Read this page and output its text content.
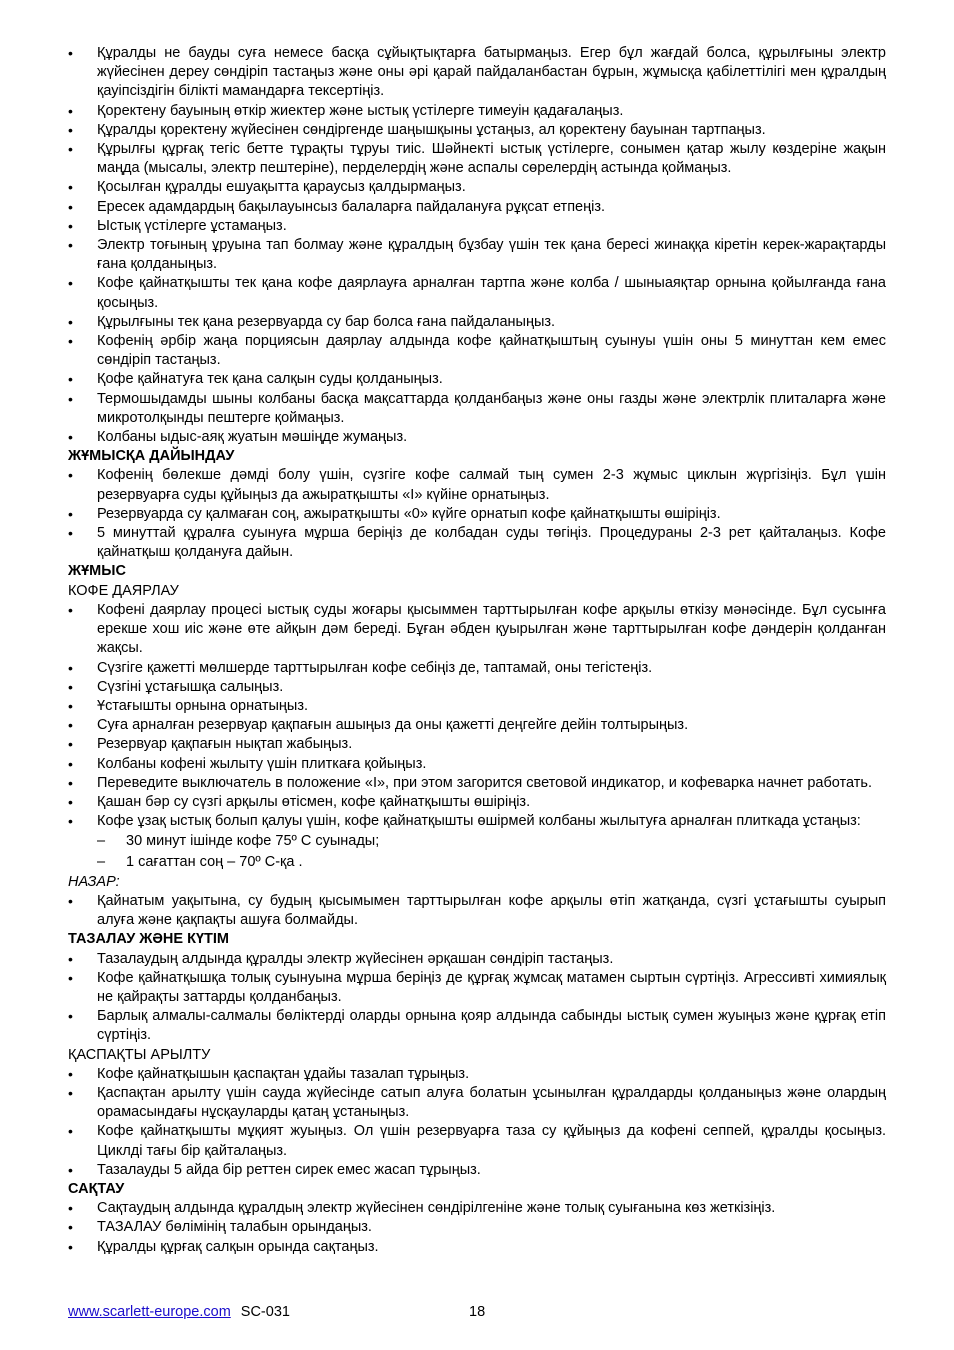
• Құралды не бауды суға немесе басқа сұйықтықтарға батырмаңыз. Егер бұл жағдай болса, құрылғыны электр жүйесінен дереу сөндіріп тастаңыз және оны әрі қарай пайдаланбастан бұрын, жұмысқа қабілеттілігі мен құралдың қауіпсіздігін білікті мамандарға тексертіңіз.
• Қоректену бауының өткір жиектер және ыстық үстілерге тимеуін қадағалаңыз.
• Құралды қоректену жүйесінен сөндіргенде шаңышқыны ұстаңыз, ал қоректену бауынан тартпаңыз.
• Құрылғы құрғақ тегіс бетте тұрақты тұруы тиіс. Шәйнекті ыстық үстілерге, сонымен қатар жылу көздеріне жақын маңда (мысалы, электр пештеріне), перделердің және аспалы сөрелердің астында қоймаңыз.
• Қосылған құралды ешуақытта қараусыз қалдырмаңыз.
• Ересек адамдардың бақылауынсыз балаларға пайдалануға рұқсат етпеңіз.
• Ыстық үстілерге ұстамаңыз.
• Электр тоғының ұруына тап болмау және құралдың бұзбау үшін тек қана бересі жинаққа кіретін керек-жарақтарды ғана қолданыңыз.
• Кофе қайнатқышты тек қана кофе даярлауға арналған тартпа және колба / шыныаяқтар орнына қойылғанда ғана қосыңыз.
• Құрылғыны тек қана резервуарда су бар болса ғана пайдаланыңыз.
• Кофенің әрбір жаңа порциясын даярлау алдында кофе қайнатқыштың суынуы үшін оны 5 минуттан кем емес сөндіріп тастаңыз.
• Қофе қайнатуға тек қана салқын суды қолданыңыз.
• Термошыдамды шыны колбаны басқа мақсаттарда қолданбаңыз және оны газды және электрлік плиталарға және микротолқынды пештерге қоймаңыз.
• Колбаны ыдыс-аяқ жуатын мәшіңде жумаңыз.
ЖҰМЫСҚА ДАЙЫНДАУ
• Кофенің бөлекше дәмді болу үшін, сүзгіге кофе салмай тың сумен 2-3 жұмыс циклын жүргізіңіз. Бұл үшін резервуарға суды құйыңыз да ажыратқышты «I» күйіне орнатыңыз.
• Резервуарда су қалмаған соң, ажыратқышты «0» күйге орнатып кофе қайнатқышты өшіріңіз.
• 5 минуттай құралға суынуға мұрша беріңіз де колбадан суды төгіңіз. Процедураны 2-3 рет қайталаңыз. Кофе қайнатқыш қолдануға дайын.
ЖҰМЫС
КОФЕ ДАЯРЛАУ
• Кофені даярлау процесі ыстық суды жоғары қысыммен тарттырылған кофе арқылы өткізу мәнәсінде. Бұл сусынға ерекше хош иіс және өте айқын дәм береді. Бұған әбден қуырылған және тарттырылған кофе дәндерін қолданған жақсы.
• Сүзгіге қажетті мөлшерде тарттырылған кофе себіңіз де, таптамай, оны тегістеңіз.
• Сүзгіні ұстағышқа салыңыз.
• Ұстағышты орнына орнатыңыз.
• Суға арналған резервуар қақпағын ашыңыз да оны қажетті деңгейге дейін толтырыңыз.
• Резервуар қақпағын нықтап жабыңыз.
• Колбаны кофені жылыту үшін плиткаға қойыңыз.
• Переведите выключатель в положение «I», при этом загорится световой индикатор, и кофеварка начнет работать.
• Қашан бәр су сүзгі арқылы өтісмен, кофе қайнатқышты өшіріңіз.
• Кофе ұзақ ыстық болып қалуы үшін, кофе қайнатқышты өшірмей колбаны жылытуға арналған плиткада ұстаңыз:
– 30 минут ішінде кофе 75º С суынады;
– 1 сағаттан соң – 70º С-қа .
НАЗАР:
• Қайнатым уақытына, су будың қысымымен тарттырылған кофе арқылы өтіп жатқанда, сүзгі ұстағышты суырып алуға және қақпақты ашуға болмайды.
ТАЗАЛАУ ЖӘНЕ КҮТІМ
• Тазалаудың алдында құралды электр жүйесінен әрқашан сөндіріп тастаңыз.
• Кофе қайнатқышқа толық суынуына мұрша беріңіз де құрғақ жұмсақ матамен сыртын сүртіңіз. Агрессивті химиялық не қайрақты заттарды қолданбаңыз.
• Барлық алмалы-салмалы бөліктерді оларды орнына қояр алдында сабынды ыстық сумен жуыңыз және құрғақ етіп сүртіңіз.
ҚАСПАҚТЫ АРЫЛТУ
• Кофе қайнатқышын қаспақтан ұдайы тазалап тұрыңыз.
• Қаспақтан арылту үшін сауда жүйесінде сатып алуға болатын ұсынылған құралдарды қолданыңыз және олардың орамасындағы нұсқауларды қатаң ұстаныңыз.
• Кофе қайнатқышты мұқият жуыңыз. Ол үшін резервуарға таза су құйыңыз да кофені сеппей, құралды қосыңыз. Циклді тағы бір қайталаңыз.
• Тазалауды 5 айда бір реттен сирек емес жасап тұрыңыз.
САҚТАУ
• Сақтаудың алдында құралдың электр жүйесінен сөндірілгеніне және толық суығанына көз жеткізіңіз.
• ТАЗАЛАУ бөлімінің талабын орындаңыз.
• Құралды құрғақ салқын орында сақтаңыз.
www.scarlett-europe.com SC-031	18
